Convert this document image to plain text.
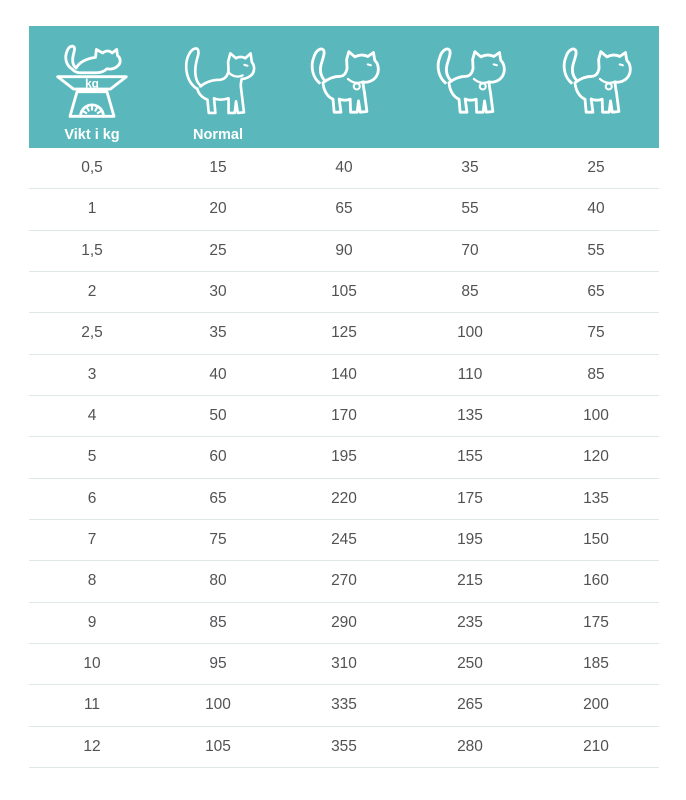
Vikt i kg	Normal
0,5	15	40	35	25
1	20	65	55	40
1,5	25	90	70	55
2	30	105	85	65
2,5	35	125	100	75
3	40	140	110	85
4	50	170	135	100
5	60	195	155	120
6	65	220	175	135
7	75	245	195	150
8	80	270	215	160
9	85	290	235	175
10	95	310	250	185
11	100	335	265	200
12	105	355	280	210
